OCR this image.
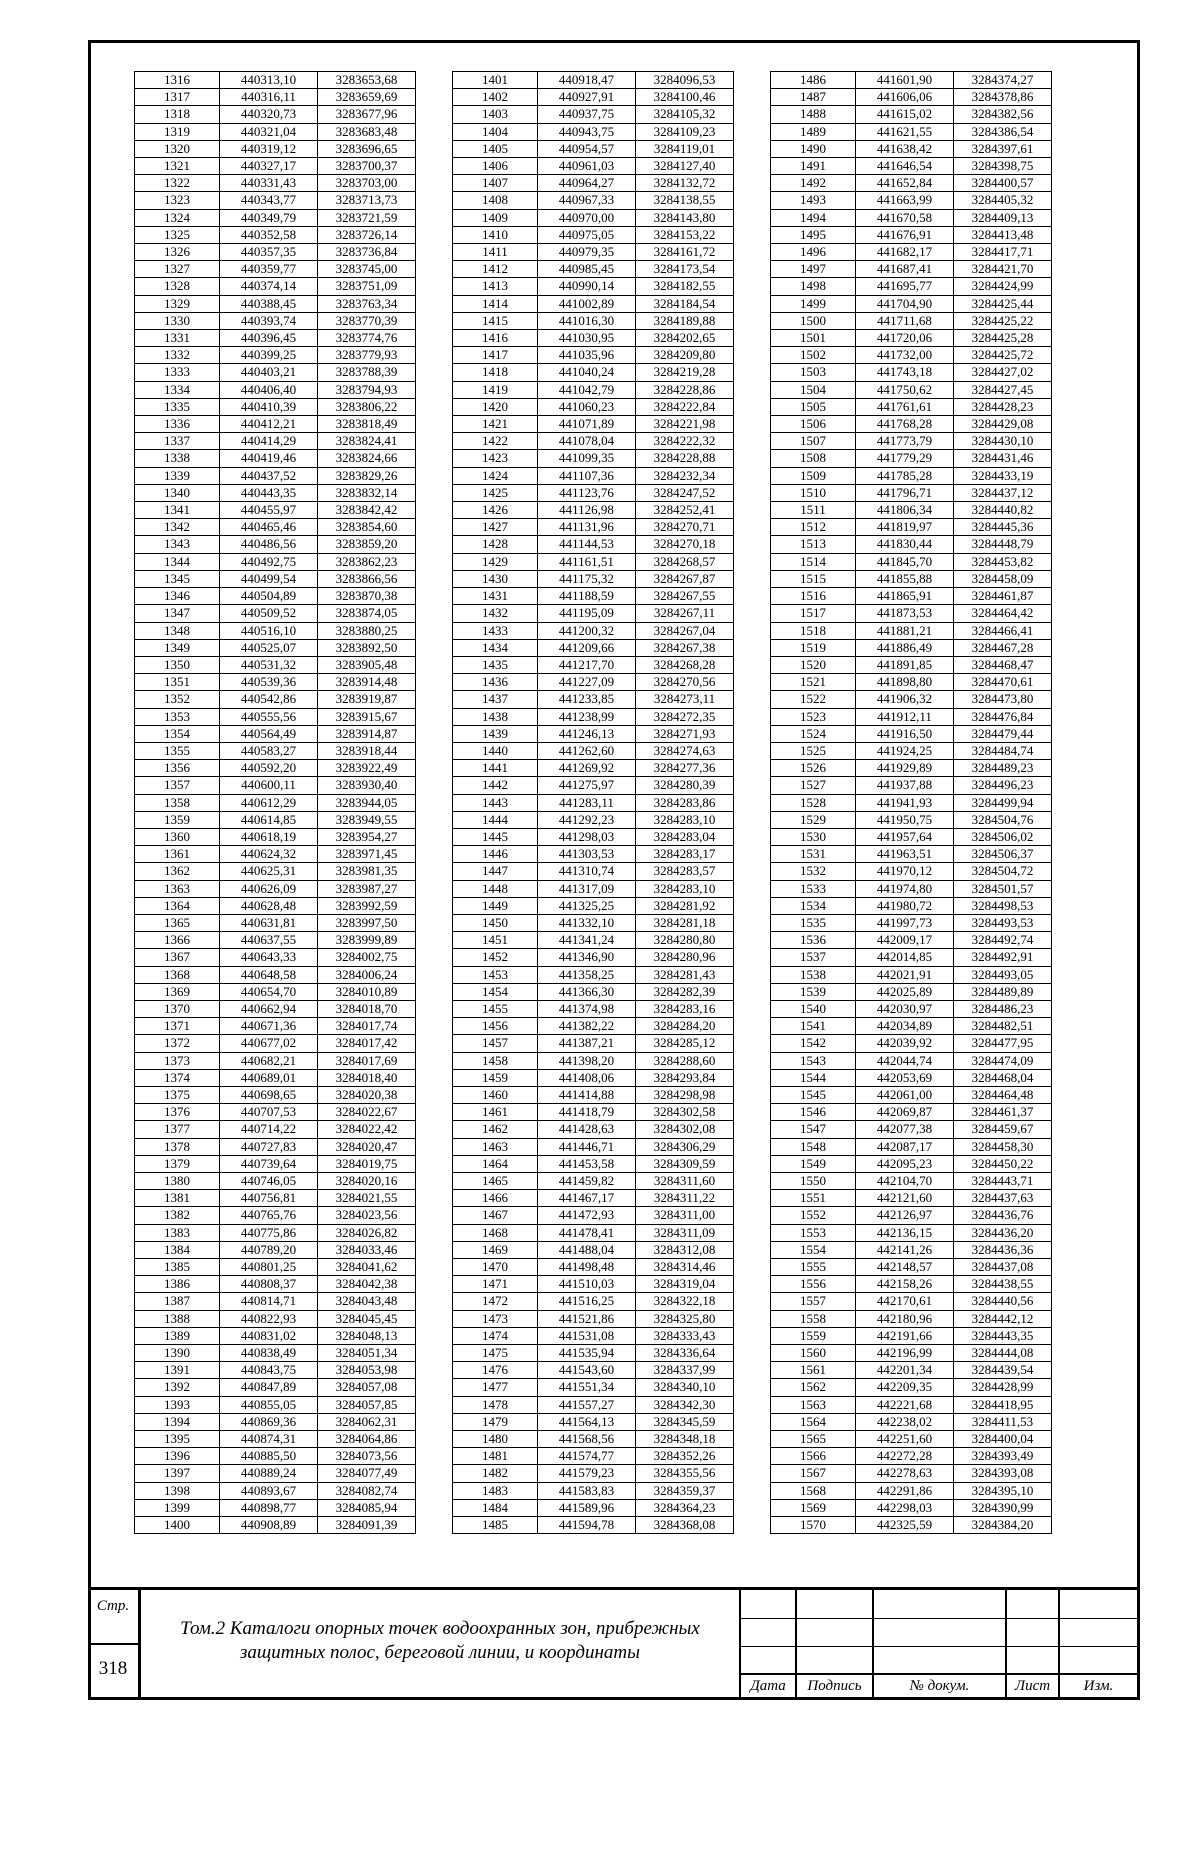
1316	440313,10	3283653,68
1317	440316,11	3283659,69
1318	440320,73	3283677,96
1319	440321,04	3283683,48
1320	440319,12	3283696,65
1321	440327,17	3283700,37
1322	440331,43	3283703,00
1323	440343,77	3283713,73
1324	440349,79	3283721,59
1325	440352,58	3283726,14
1326	440357,35	3283736,84
1327	440359,77	3283745,00
1328	440374,14	3283751,09
1329	440388,45	3283763,34
1330	440393,74	3283770,39
1331	440396,45	3283774,76
1332	440399,25	3283779,93
1333	440403,21	3283788,39
1334	440406,40	3283794,93
1335	440410,39	3283806,22
1336	440412,21	3283818,49
1337	440414,29	3283824,41
1338	440419,46	3283824,66
1339	440437,52	3283829,26
1340	440443,35	3283832,14
1341	440455,97	3283842,42
1342	440465,46	3283854,60
1343	440486,56	3283859,20
1344	440492,75	3283862,23
1345	440499,54	3283866,56
1346	440504,89	3283870,38
1347	440509,52	3283874,05
1348	440516,10	3283880,25
1349	440525,07	3283892,50
1350	440531,32	3283905,48
1351	440539,36	3283914,48
1352	440542,86	3283919,87
1353	440555,56	3283915,67
1354	440564,49	3283914,87
1355	440583,27	3283918,44
1356	440592,20	3283922,49
1357	440600,11	3283930,40
1358	440612,29	3283944,05
1359	440614,85	3283949,55
1360	440618,19	3283954,27
1361	440624,32	3283971,45
1362	440625,31	3283981,35
1363	440626,09	3283987,27
1364	440628,48	3283992,59
1365	440631,81	3283997,50
1366	440637,55	3283999,89
1367	440643,33	3284002,75
1368	440648,58	3284006,24
1369	440654,70	3284010,89
1370	440662,94	3284018,70
1371	440671,36	3284017,74
1372	440677,02	3284017,42
1373	440682,21	3284017,69
1374	440689,01	3284018,40
1375	440698,65	3284020,38
1376	440707,53	3284022,67
1377	440714,22	3284022,42
1378	440727,83	3284020,47
1379	440739,64	3284019,75
1380	440746,05	3284020,16
1381	440756,81	3284021,55
1382	440765,76	3284023,56
1383	440775,86	3284026,82
1384	440789,20	3284033,46
1385	440801,25	3284041,62
1386	440808,37	3284042,38
1387	440814,71	3284043,48
1388	440822,93	3284045,45
1389	440831,02	3284048,13
1390	440838,49	3284051,34
1391	440843,75	3284053,98
1392	440847,89	3284057,08
1393	440855,05	3284057,85
1394	440869,36	3284062,31
1395	440874,31	3284064,86
1396	440885,50	3284073,56
1397	440889,24	3284077,49
1398	440893,67	3284082,74
1399	440898,77	3284085,94
1400	440908,89	3284091,39
1401	440918,47	3284096,53
1402	440927,91	3284100,46
1403	440937,75	3284105,32
1404	440943,75	3284109,23
1405	440954,57	3284119,01
1406	440961,03	3284127,40
1407	440964,27	3284132,72
1408	440967,33	3284138,55
1409	440970,00	3284143,80
1410	440975,05	3284153,22
1411	440979,35	3284161,72
1412	440985,45	3284173,54
1413	440990,14	3284182,55
1414	441002,89	3284184,54
1415	441016,30	3284189,88
1416	441030,95	3284202,65
1417	441035,96	3284209,80
1418	441040,24	3284219,28
1419	441042,79	3284228,86
1420	441060,23	3284222,84
1421	441071,89	3284221,98
1422	441078,04	3284222,32
1423	441099,35	3284228,88
1424	441107,36	3284232,34
1425	441123,76	3284247,52
1426	441126,98	3284252,41
1427	441131,96	3284270,71
1428	441144,53	3284270,18
1429	441161,51	3284268,57
1430	441175,32	3284267,87
1431	441188,59	3284267,55
1432	441195,09	3284267,11
1433	441200,32	3284267,04
1434	441209,66	3284267,38
1435	441217,70	3284268,28
1436	441227,09	3284270,56
1437	441233,85	3284273,11
1438	441238,99	3284272,35
1439	441246,13	3284271,93
1440	441262,60	3284274,63
1441	441269,92	3284277,36
1442	441275,97	3284280,39
1443	441283,11	3284283,86
1444	441292,23	3284283,10
1445	441298,03	3284283,04
1446	441303,53	3284283,17
1447	441310,74	3284283,57
1448	441317,09	3284283,10
1449	441325,25	3284281,92
1450	441332,10	3284281,18
1451	441341,24	3284280,80
1452	441346,90	3284280,96
1453	441358,25	3284281,43
1454	441366,30	3284282,39
1455	441374,98	3284283,16
1456	441382,22	3284284,20
1457	441387,21	3284285,12
1458	441398,20	3284288,60
1459	441408,06	3284293,84
1460	441414,88	3284298,98
1461	441418,79	3284302,58
1462	441428,63	3284302,08
1463	441446,71	3284306,29
1464	441453,58	3284309,59
1465	441459,82	3284311,60
1466	441467,17	3284311,22
1467	441472,93	3284311,00
1468	441478,41	3284311,09
1469	441488,04	3284312,08
1470	441498,48	3284314,46
1471	441510,03	3284319,04
1472	441516,25	3284322,18
1473	441521,86	3284325,80
1474	441531,08	3284333,43
1475	441535,94	3284336,64
1476	441543,60	3284337,99
1477	441551,34	3284340,10
1478	441557,27	3284342,30
1479	441564,13	3284345,59
1480	441568,56	3284348,18
1481	441574,77	3284352,26
1482	441579,23	3284355,56
1483	441583,83	3284359,37
1484	441589,96	3284364,23
1485	441594,78	3284368,08
1486	441601,90	3284374,27
1487	441606,06	3284378,86
1488	441615,02	3284382,56
1489	441621,55	3284386,54
1490	441638,42	3284397,61
1491	441646,54	3284398,75
1492	441652,84	3284400,57
1493	441663,99	3284405,32
1494	441670,58	3284409,13
1495	441676,91	3284413,48
1496	441682,17	3284417,71
1497	441687,41	3284421,70
1498	441695,77	3284424,99
1499	441704,90	3284425,44
1500	441711,68	3284425,22
1501	441720,06	3284425,28
1502	441732,00	3284425,72
1503	441743,18	3284427,02
1504	441750,62	3284427,45
1505	441761,61	3284428,23
1506	441768,28	3284429,08
1507	441773,79	3284430,10
1508	441779,29	3284431,46
1509	441785,28	3284433,19
1510	441796,71	3284437,12
1511	441806,34	3284440,82
1512	441819,97	3284445,36
1513	441830,44	3284448,79
1514	441845,70	3284453,82
1515	441855,88	3284458,09
1516	441865,91	3284461,87
1517	441873,53	3284464,42
1518	441881,21	3284466,41
1519	441886,49	3284467,28
1520	441891,85	3284468,47
1521	441898,80	3284470,61
1522	441906,32	3284473,80
1523	441912,11	3284476,84
1524	441916,50	3284479,44
1525	441924,25	3284484,74
1526	441929,89	3284489,23
1527	441937,88	3284496,23
1528	441941,93	3284499,94
1529	441950,75	3284504,76
1530	441957,64	3284506,02
1531	441963,51	3284506,37
1532	441970,12	3284504,72
1533	441974,80	3284501,57
1534	441980,72	3284498,53
1535	441997,73	3284493,53
1536	442009,17	3284492,74
1537	442014,85	3284492,91
1538	442021,91	3284493,05
1539	442025,89	3284489,89
1540	442030,97	3284486,23
1541	442034,89	3284482,51
1542	442039,92	3284477,95
1543	442044,74	3284474,09
1544	442053,69	3284468,04
1545	442061,00	3284464,48
1546	442069,87	3284461,37
1547	442077,38	3284459,67
1548	442087,17	3284458,30
1549	442095,23	3284450,22
1550	442104,70	3284443,71
1551	442121,60	3284437,63
1552	442126,97	3284436,76
1553	442136,15	3284436,20
1554	442141,26	3284436,36
1555	442148,57	3284437,08
1556	442158,26	3284438,55
1557	442170,61	3284440,56
1558	442180,96	3284442,12
1559	442191,66	3284443,35
1560	442196,99	3284444,08
1561	442201,34	3284439,54
1562	442209,35	3284428,99
1563	442221,68	3284418,95
1564	442238,02	3284411,53
1565	442251,60	3284400,04
1566	442272,28	3284393,49
1567	442278,63	3284393,08
1568	442291,86	3284395,10
1569	442298,03	3284390,99
1570	442325,59	3284384,20
Стр.
318
Том.2 Каталоги опорных точек водоохранных зон, прибрежных
защитных полос, береговой линии, и координаты
Дата	Подпись	№ докум.	Лист	Изм.
